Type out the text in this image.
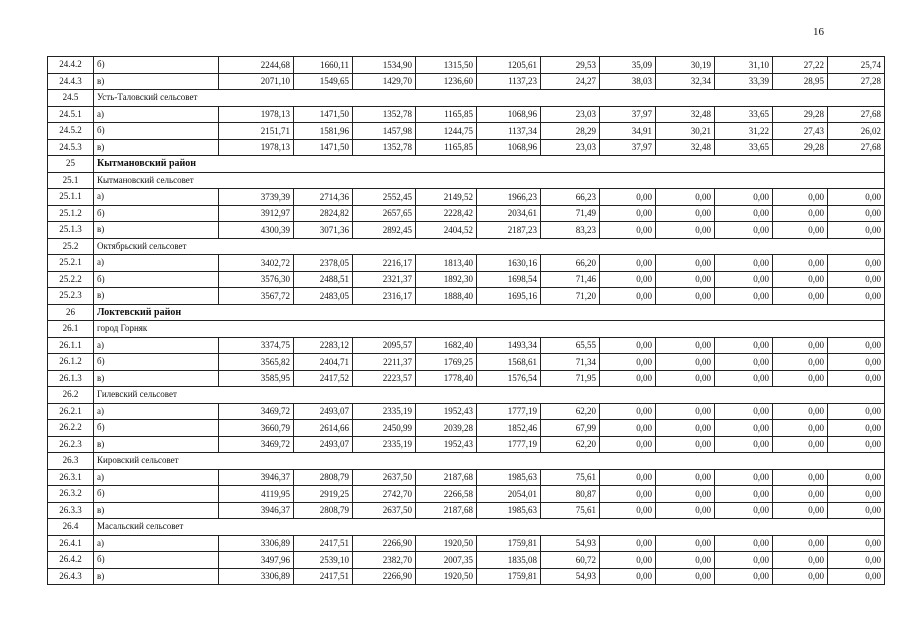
16
24.4.2	б)	2244,68	1660,11	1534,90	1315,50	1205,61	29,53	35,09	30,19	31,10	27,22	25,74
24.4.3	в)	2071,10	1549,65	1429,70	1236,60	1137,23	24,27	38,03	32,34	33,39	28,95	27,28
24.5	Усть-Таловский сельсовет											
24.5.1	а)	1978,13	1471,50	1352,78	1165,85	1068,96	23,03	37,97	32,48	33,65	29,28	27,68
24.5.2	б)	2151,71	1581,96	1457,98	1244,75	1137,34	28,29	34,91	30,21	31,22	27,43	26,02
24.5.3	в)	1978,13	1471,50	1352,78	1165,85	1068,96	23,03	37,97	32,48	33,65	29,28	27,68
25	Кытмановский район											
25.1	Кытмановский сельсовет											
25.1.1	а)	3739,39	2714,36	2552,45	2149,52	1966,23	66,23	0,00	0,00	0,00	0,00	0,00
25.1.2	б)	3912,97	2824,82	2657,65	2228,42	2034,61	71,49	0,00	0,00	0,00	0,00	0,00
25.1.3	в)	4300,39	3071,36	2892,45	2404,52	2187,23	83,23	0,00	0,00	0,00	0,00	0,00
25.2	Октябрьский сельсовет											
25.2.1	а)	3402,72	2378,05	2216,17	1813,40	1630,16	66,20	0,00	0,00	0,00	0,00	0,00
25.2.2	б)	3576,30	2488,51	2321,37	1892,30	1698,54	71,46	0,00	0,00	0,00	0,00	0,00
25.2.3	в)	3567,72	2483,05	2316,17	1888,40	1695,16	71,20	0,00	0,00	0,00	0,00	0,00
26	Локтевский район											
26.1	город Горняк											
26.1.1	а)	3374,75	2283,12	2095,57	1682,40	1493,34	65,55	0,00	0,00	0,00	0,00	0,00
26.1.2	б)	3565,82	2404,71	2211,37	1769,25	1568,61	71,34	0,00	0,00	0,00	0,00	0,00
26.1.3	в)	3585,95	2417,52	2223,57	1778,40	1576,54	71,95	0,00	0,00	0,00	0,00	0,00
26.2	Гилевский сельсовет											
26.2.1	а)	3469,72	2493,07	2335,19	1952,43	1777,19	62,20	0,00	0,00	0,00	0,00	0,00
26.2.2	б)	3660,79	2614,66	2450,99	2039,28	1852,46	67,99	0,00	0,00	0,00	0,00	0,00
26.2.3	в)	3469,72	2493,07	2335,19	1952,43	1777,19	62,20	0,00	0,00	0,00	0,00	0,00
26.3	Кировский сельсовет											
26.3.1	а)	3946,37	2808,79	2637,50	2187,68	1985,63	75,61	0,00	0,00	0,00	0,00	0,00
26.3.2	б)	4119,95	2919,25	2742,70	2266,58	2054,01	80,87	0,00	0,00	0,00	0,00	0,00
26.3.3	в)	3946,37	2808,79	2637,50	2187,68	1985,63	75,61	0,00	0,00	0,00	0,00	0,00
26.4	Масальский сельсовет											
26.4.1	а)	3306,89	2417,51	2266,90	1920,50	1759,81	54,93	0,00	0,00	0,00	0,00	0,00
26.4.2	б)	3497,96	2539,10	2382,70	2007,35	1835,08	60,72	0,00	0,00	0,00	0,00	0,00
26.4.3	в)	3306,89	2417,51	2266,90	1920,50	1759,81	54,93	0,00	0,00	0,00	0,00	0,00
